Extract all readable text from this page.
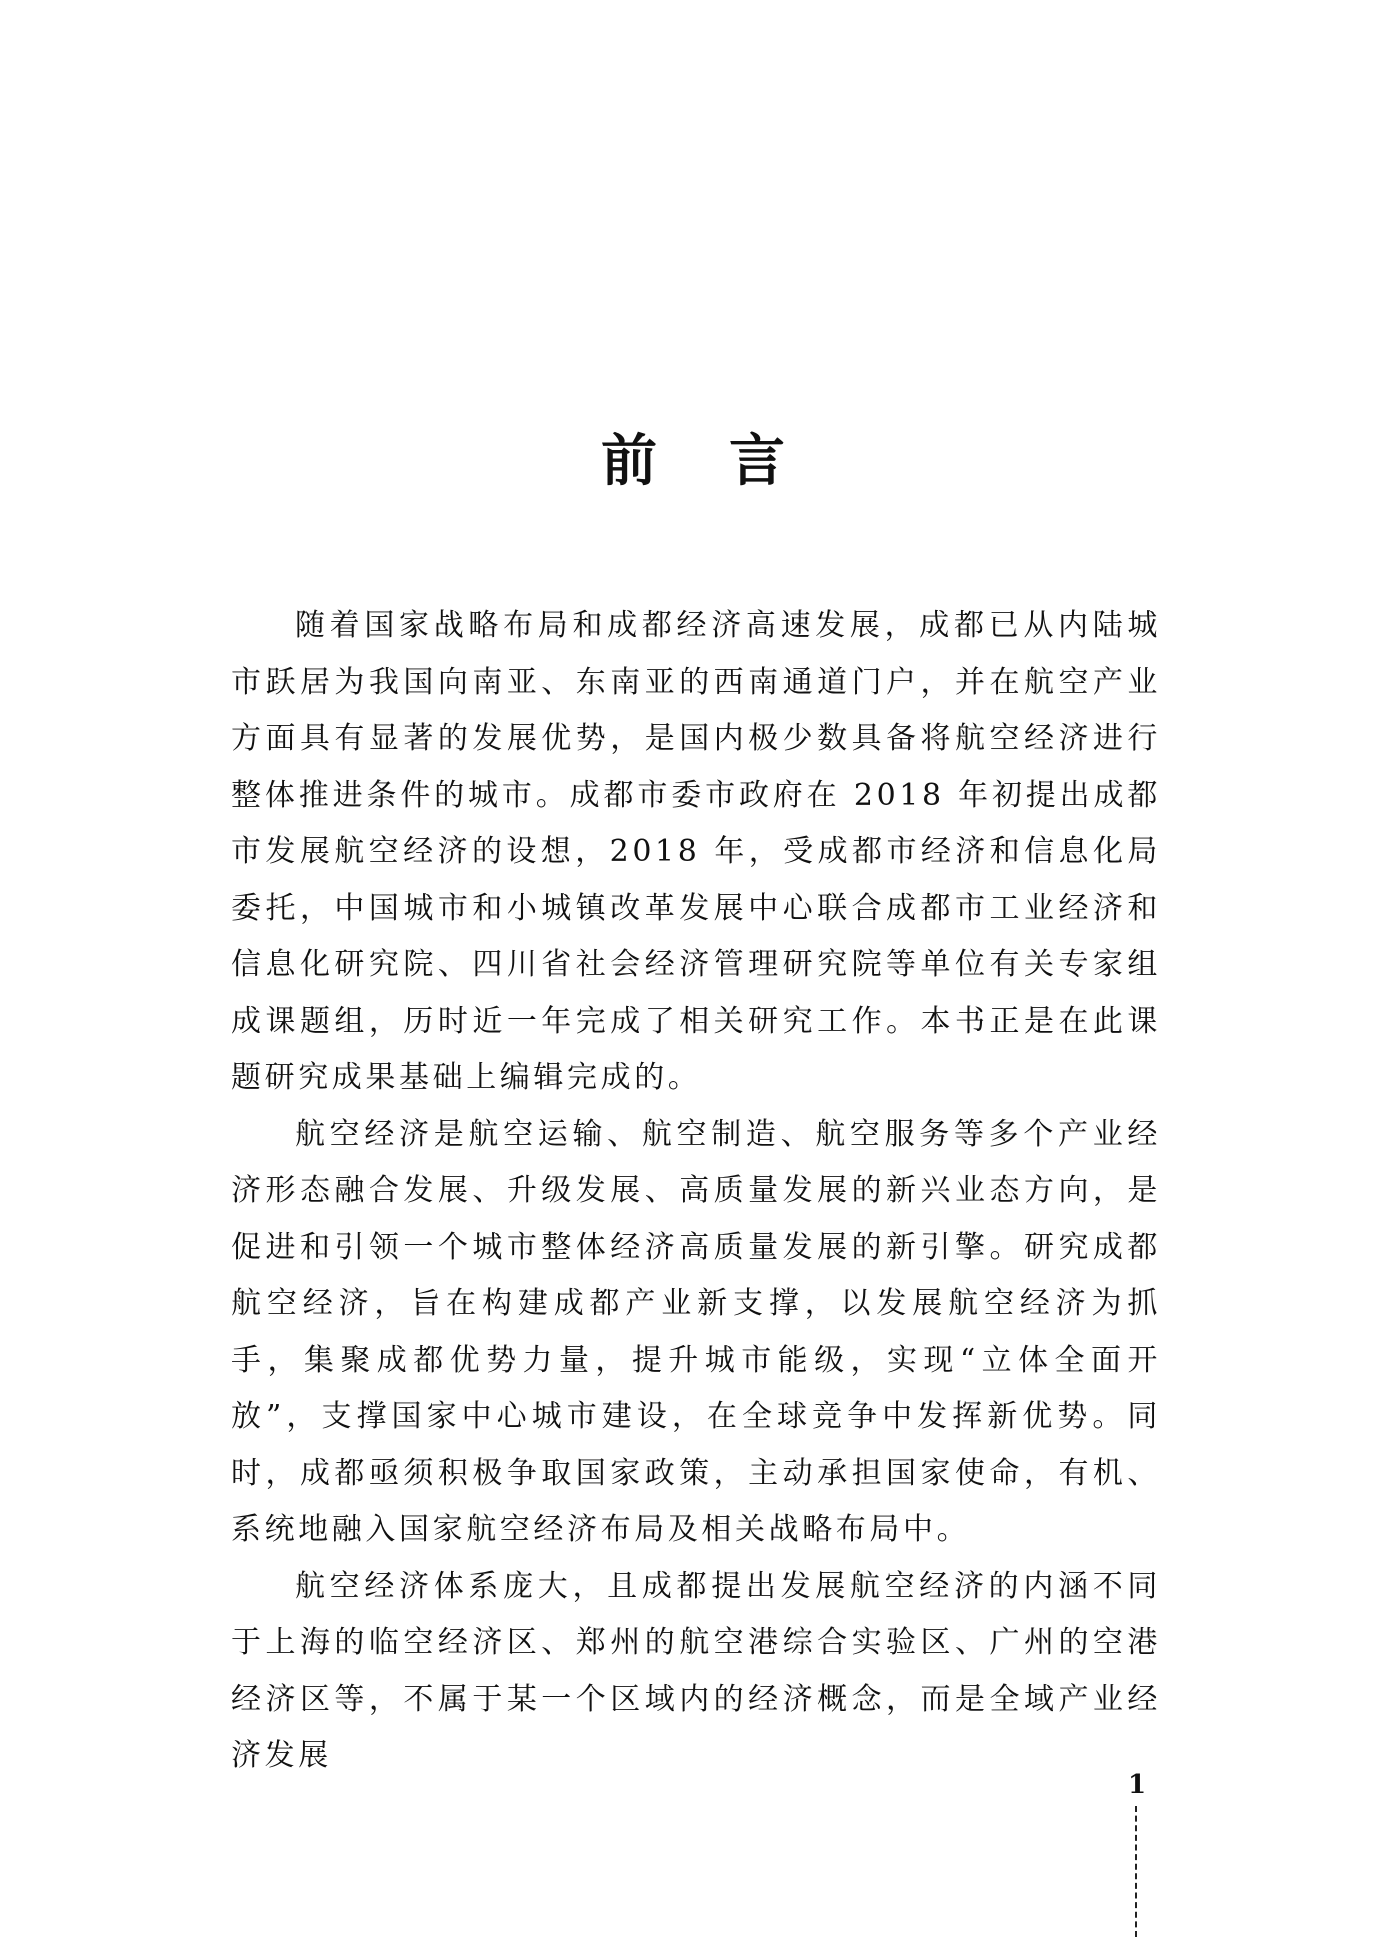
前 言

随着国家战略布局和成都经济高速发展，成都已从内陆城市跃居为我国向南亚、东南亚的西南通道门户，并在航空产业方面具有显著的发展优势，是国内极少数具备将航空经济进行整体推进条件的城市。成都市委市政府在 2018 年初提出成都市发展航空经济的设想，2018 年，受成都市经济和信息化局委托，中国城市和小城镇改革发展中心联合成都市工业经济和信息化研究院、四川省社会经济管理研究院等单位有关专家组成课题组，历时近一年完成了相关研究工作。本书正是在此课题研究成果基础上编辑完成的。

航空经济是航空运输、航空制造、航空服务等多个产业经济形态融合发展、升级发展、高质量发展的新兴业态方向，是促进和引领一个城市整体经济高质量发展的新引擎。研究成都航空经济，旨在构建成都产业新支撑，以发展航空经济为抓手，集聚成都优势力量，提升城市能级，实现“立体全面开放”，支撑国家中心城市建设，在全球竞争中发挥新优势。同时，成都亟须积极争取国家政策，主动承担国家使命，有机、系统地融入国家航空经济布局及相关战略布局中。

航空经济体系庞大，且成都提出发展航空经济的内涵不同于上海的临空经济区、郑州的航空港综合实验区、广州的空港经济区等，不属于某一个区域内的经济概念，而是全域产业经济发展

1
